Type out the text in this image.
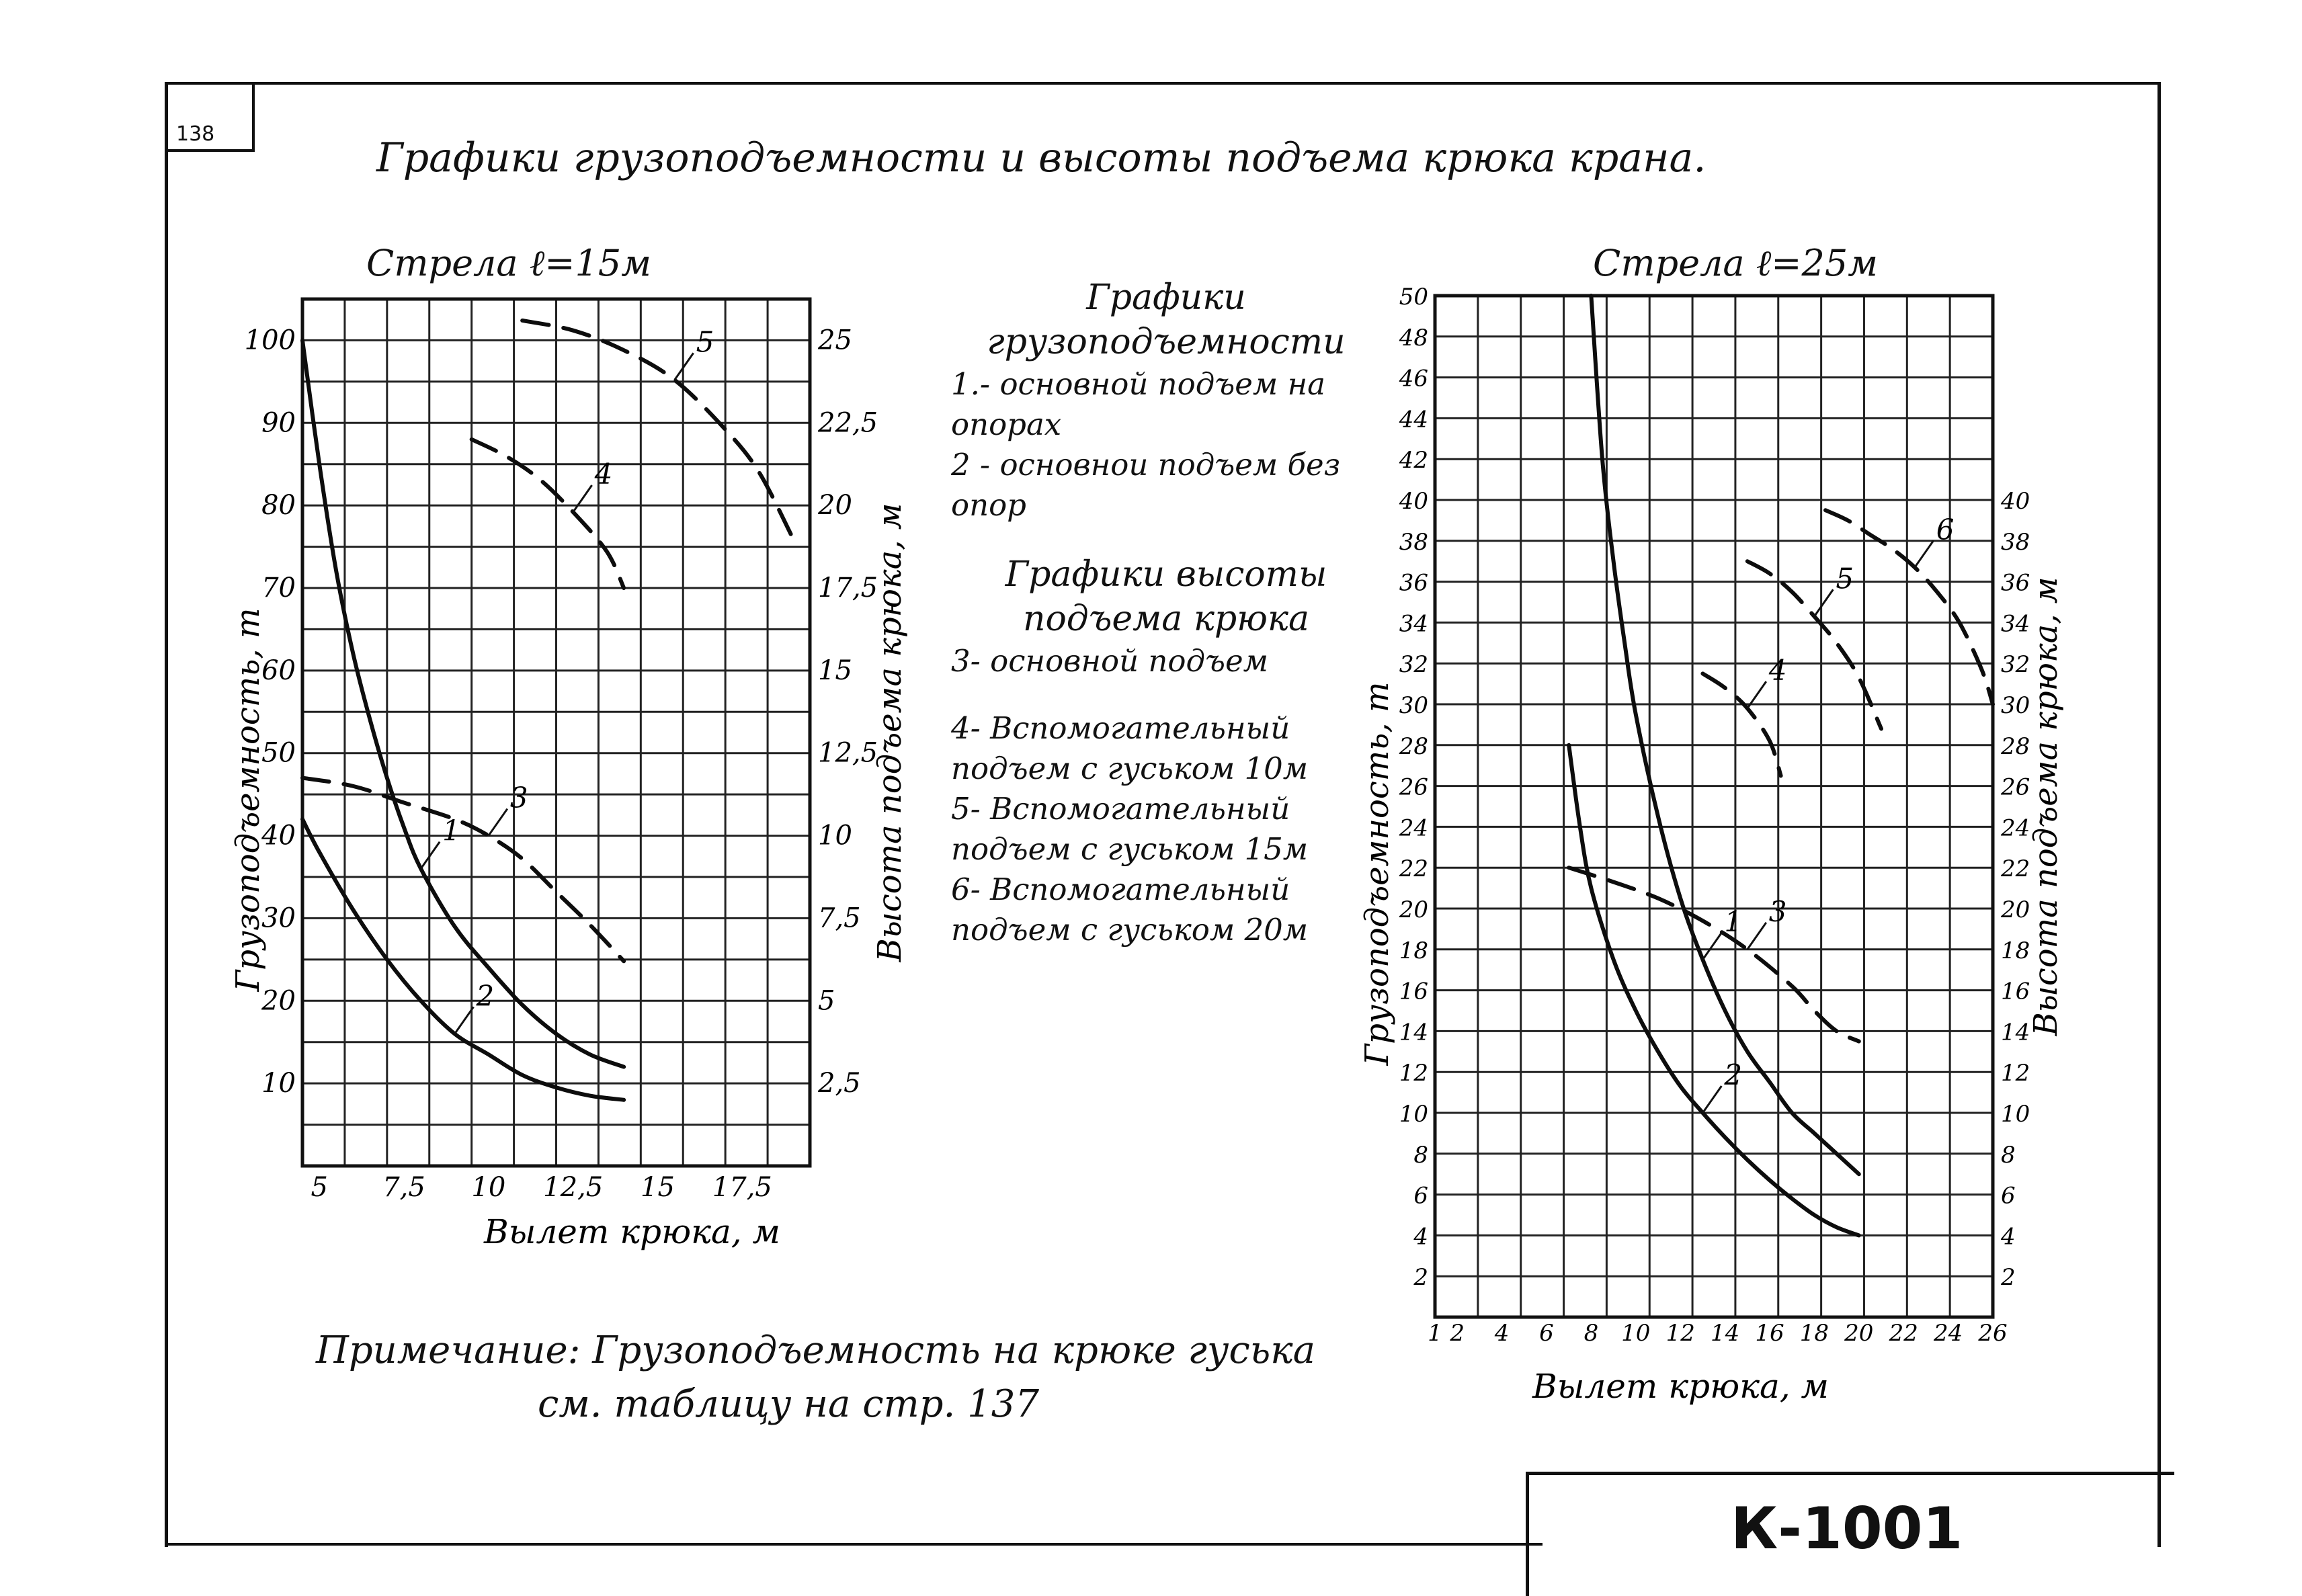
138
Графики грузоподъемности и высоты подъема крюка крана.
Стрела ℓ=15м	Стрела ℓ=25м
5 7,5 10 12,5 15 17,5
10
20
30
40
50
60
70
80
90
100
2,5
5
7,5
10
12,5
15
17,5
20
22,5
25
Вылет крюка, м
Грузоподъемность, т	Высота подъема крюка, м
1
2
3
4
5
1 2 4 6 8 10 12 14 16 18 20 22 24 26
2
4
6
8
10
12
14
16
18
20
22
24
26
28
30
32
34
36
38
40
42
44
46
48
50
2
4
6
8
10
12
14
16
18
20
22
24
26
28
30
32
34
36
38
40
Вылет крюка, м
Грузоподъемность, т	Высота подъема крюка, м
1
2
3
4
5
6
Графики грузоподъемности
1.- основной подъем на опорах
2 - основнои подъем без опор
Графики высоты подъема крюка
3- основной подъем
4- Вспомогательный подъем с гуськом 10м
5- Вспомогательный подъем с гуськом 15м
6- Вспомогательный подъем с гуськом 20м
Примечание: Грузоподъемность на крюке гуська
см. таблицу на стр. 137
К-1001
